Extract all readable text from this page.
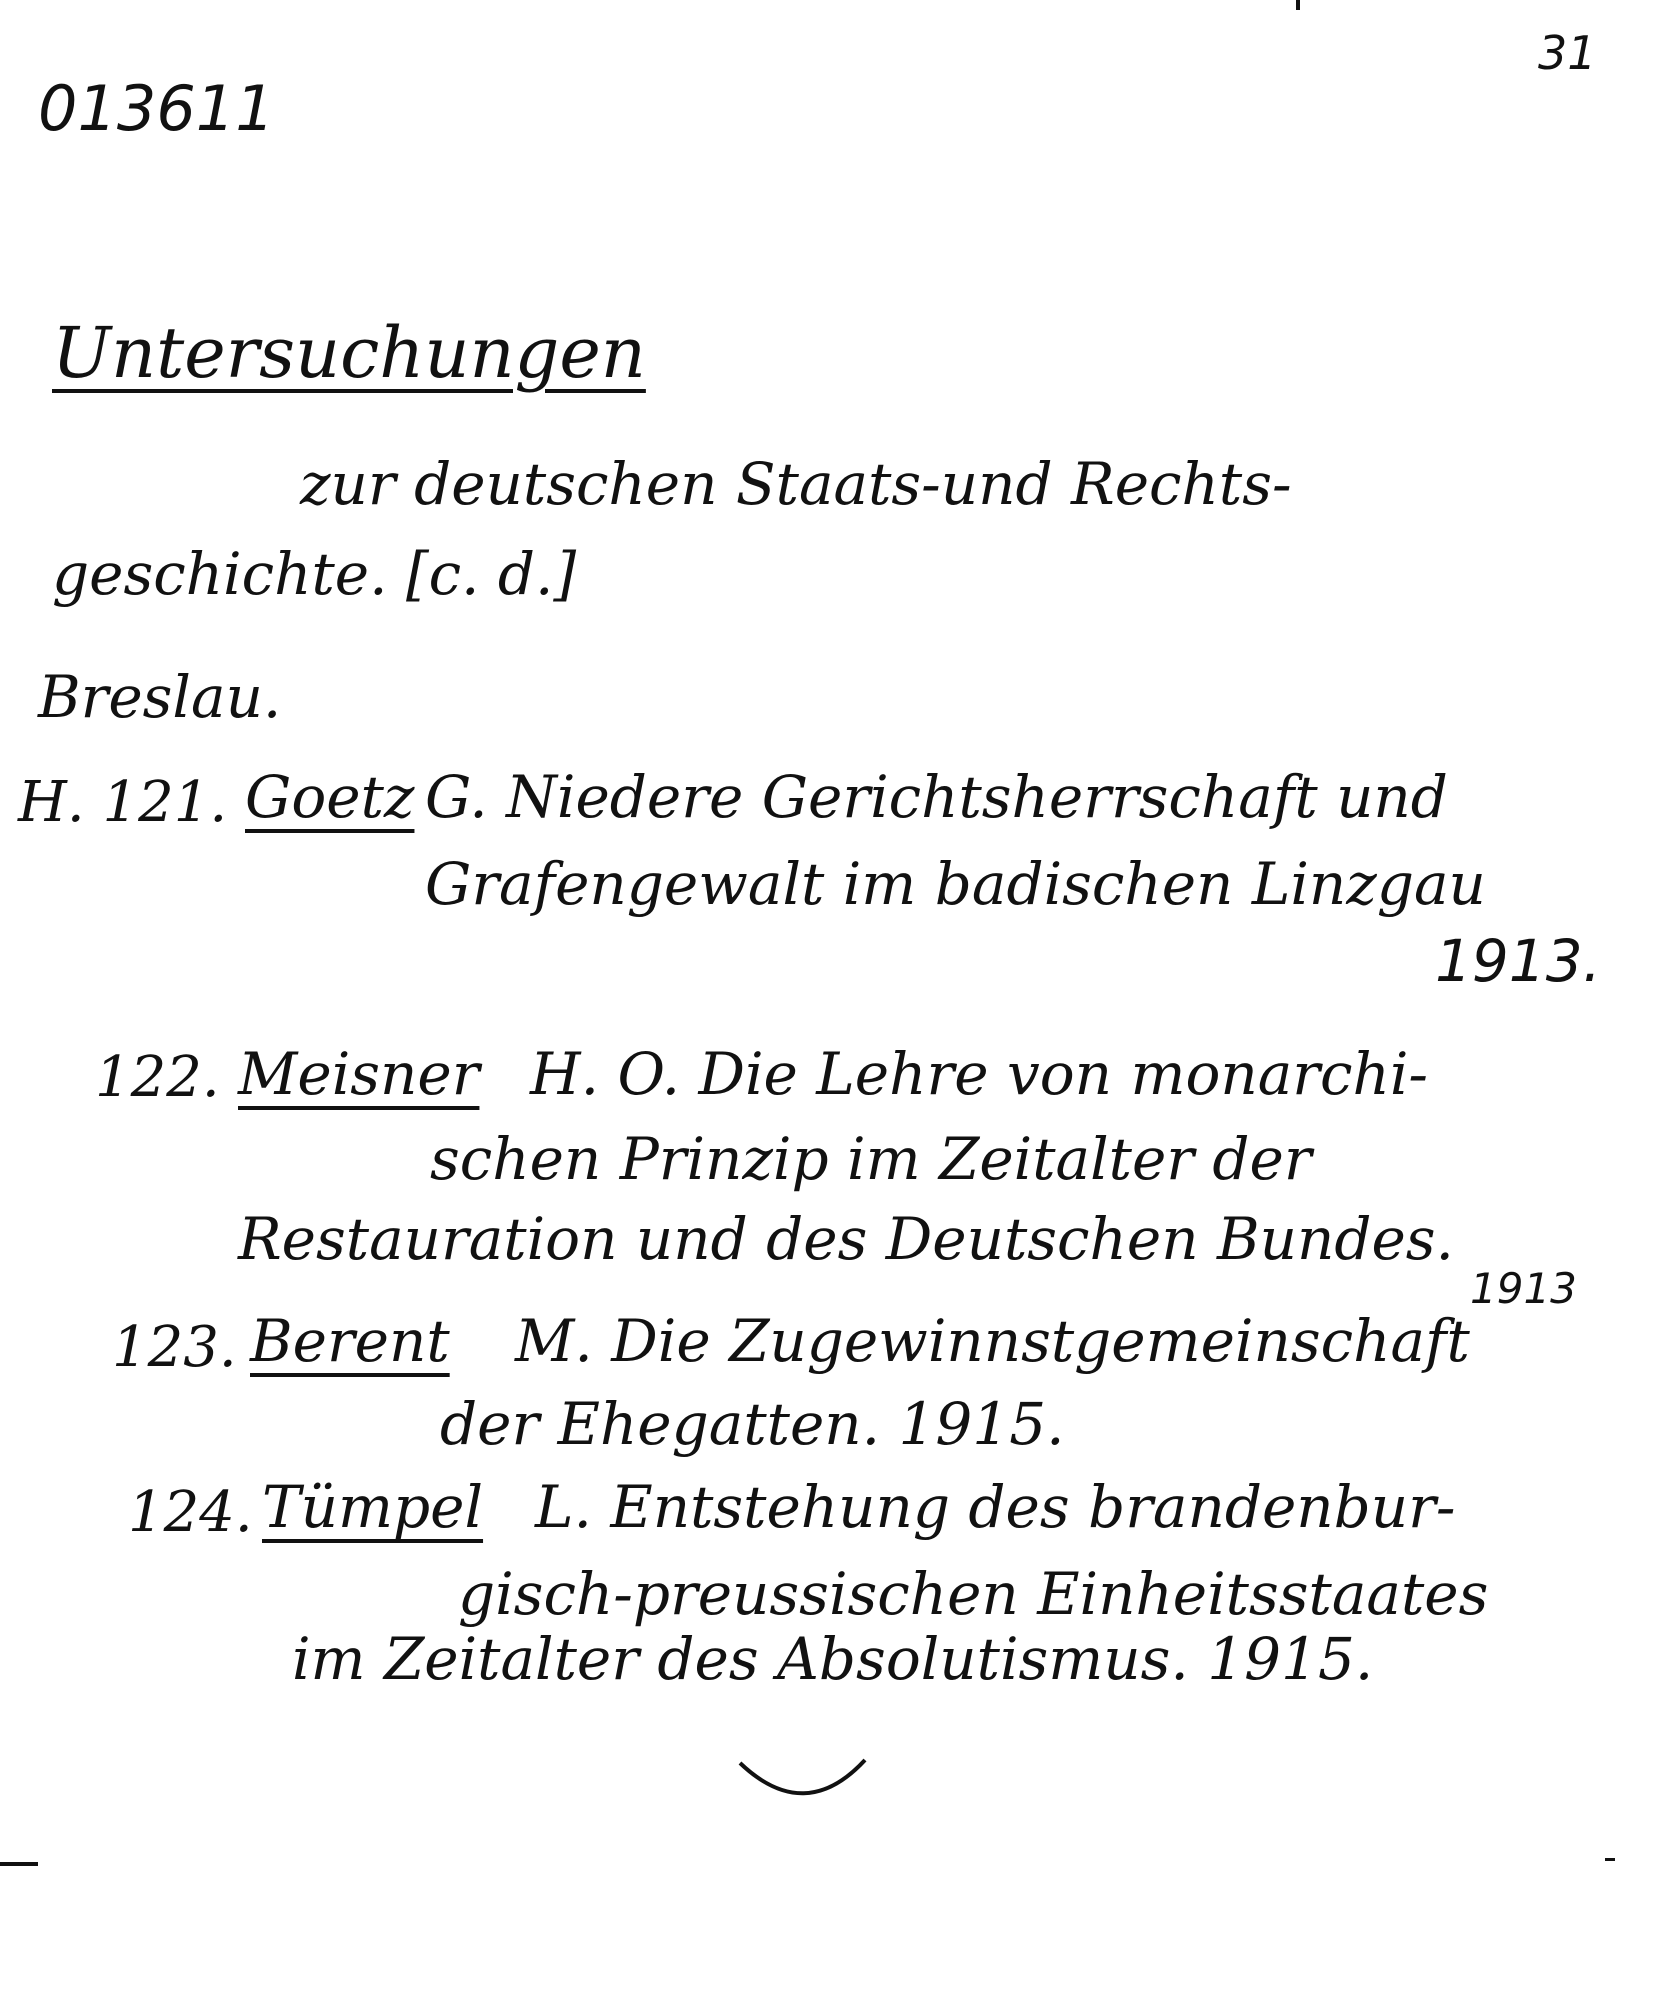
013611
31
Untersuchungen
zur deutschen Staats-und Rechts-
geschichte. [c. d.]
Breslau.
H. 121. Goetz G. Niedere Gerichtsherrschaft und
Grafengewalt im badischen Linzgau
1913.
122. Meisner H. O. Die Lehre von monarchi-
schen Prinzip im Zeitalter der
Restauration und des Deutschen Bundes.
1913
123. Berent M. Die Zugewinnstgemeinschaft
der Ehegatten. 1915.
124. Tümpel L. Entstehung des brandenbur-
gisch-preussischen Einheitsstaates
im Zeitalter des Absolutismus. 1915.
